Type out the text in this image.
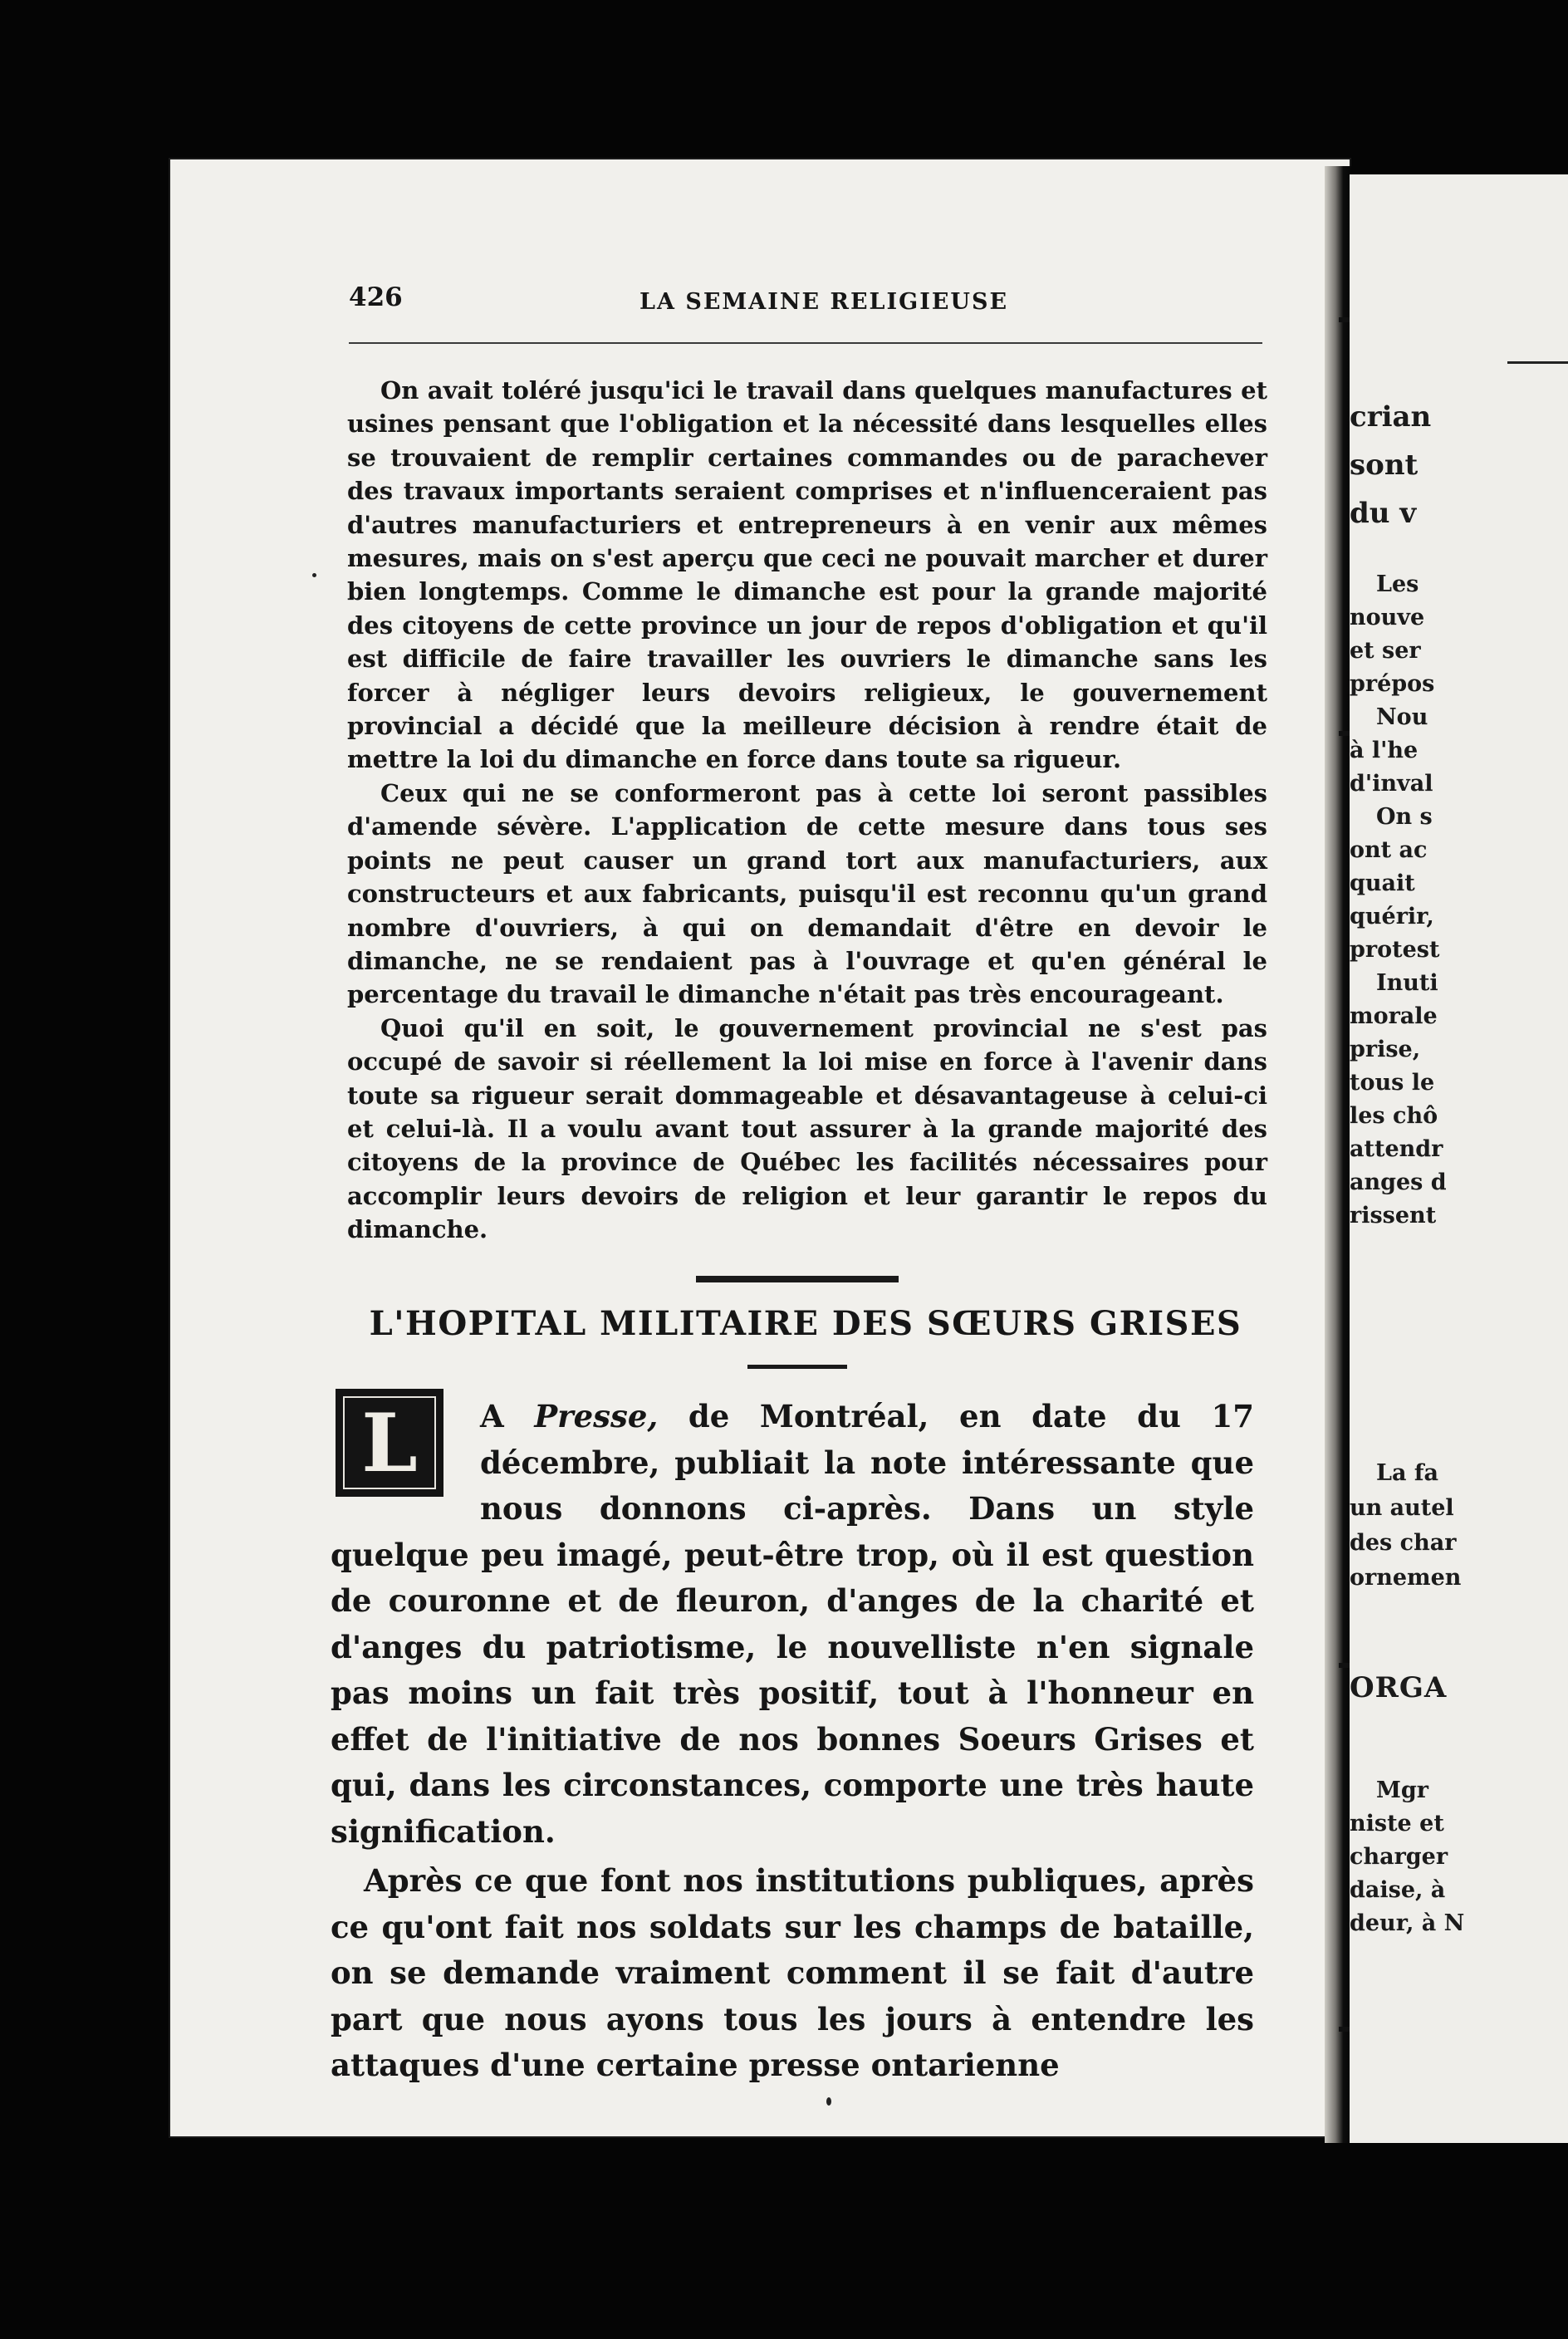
crian
sont
du v
Les
nouve
et ser
prépos
Nou
à l'he
d'inval
On s
ont ac
quait
quérir,
protest
Inuti
morale
prise,
tous le
les chô
attendr
anges d
rissent
La fa
un autel
des char
ornemen
ORGA
Mgr
niste et
charger
daise, à
deur, à N
426	LA SEMAINE RELIGIEUSE

On avait toléré jusqu'ici le travail dans quelques manufactures et usines pensant que l'obligation et la nécessité dans lesquelles elles se trouvaient de remplir certaines commandes ou de parachever des travaux importants seraient comprises et n'influenceraient pas d'autres manufacturiers et entrepreneurs à en venir aux mêmes mesures, mais on s'est aperçu que ceci ne pouvait marcher et durer bien longtemps. Comme le dimanche est pour la grande majorité des citoyens de cette province un jour de repos d'obligation et qu'il est difficile de faire travailler les ouvriers le dimanche sans les forcer à négliger leurs devoirs religieux, le gouvernement provincial a décidé que la meilleure décision à rendre était de mettre la loi du dimanche en force dans toute sa rigueur.

Ceux qui ne se conformeront pas à cette loi seront passibles d'amende sévère. L'application de cette mesure dans tous ses points ne peut causer un grand tort aux manufacturiers, aux constructeurs et aux fabricants, puisqu'il est reconnu qu'un grand nombre d'ouvriers, à qui on demandait d'être en devoir le dimanche, ne se rendaient pas à l'ouvrage et qu'en général le percentage du travail le dimanche n'était pas très encourageant.

Quoi qu'il en soit, le gouvernement provincial ne s'est pas occupé de savoir si réellement la loi mise en force à l'avenir dans toute sa rigueur serait dommageable et désavantageuse à celui-ci et celui-là. Il a voulu avant tout assurer à la grande majorité des citoyens de la province de Québec les facilités nécessaires pour accomplir leurs devoirs de religion et leur garantir le repos du dimanche.

L'HOPITAL MILITAIRE DES SŒURS GRISES

A Presse, de Montréal, en date du 17 décembre, publiait la note intéressante que nous donnons ci-après. Dans un style quelque peu imagé, peut-être trop, où il est question de couronne et de fleuron, d'anges de la charité et d'anges du patriotisme, le nouvelliste n'en signale pas moins un fait très positif, tout à l'honneur en effet de l'initiative de nos bonnes Soeurs Grises et qui, dans les circonstances, comporte une très haute signification.

Après ce que font nos institutions publiques, après ce qu'ont fait nos soldats sur les champs de bataille, on se demande vraiment comment il se fait d'autre part que nous ayons tous les jours à entendre les attaques d'une certaine presse ontarienne

L
